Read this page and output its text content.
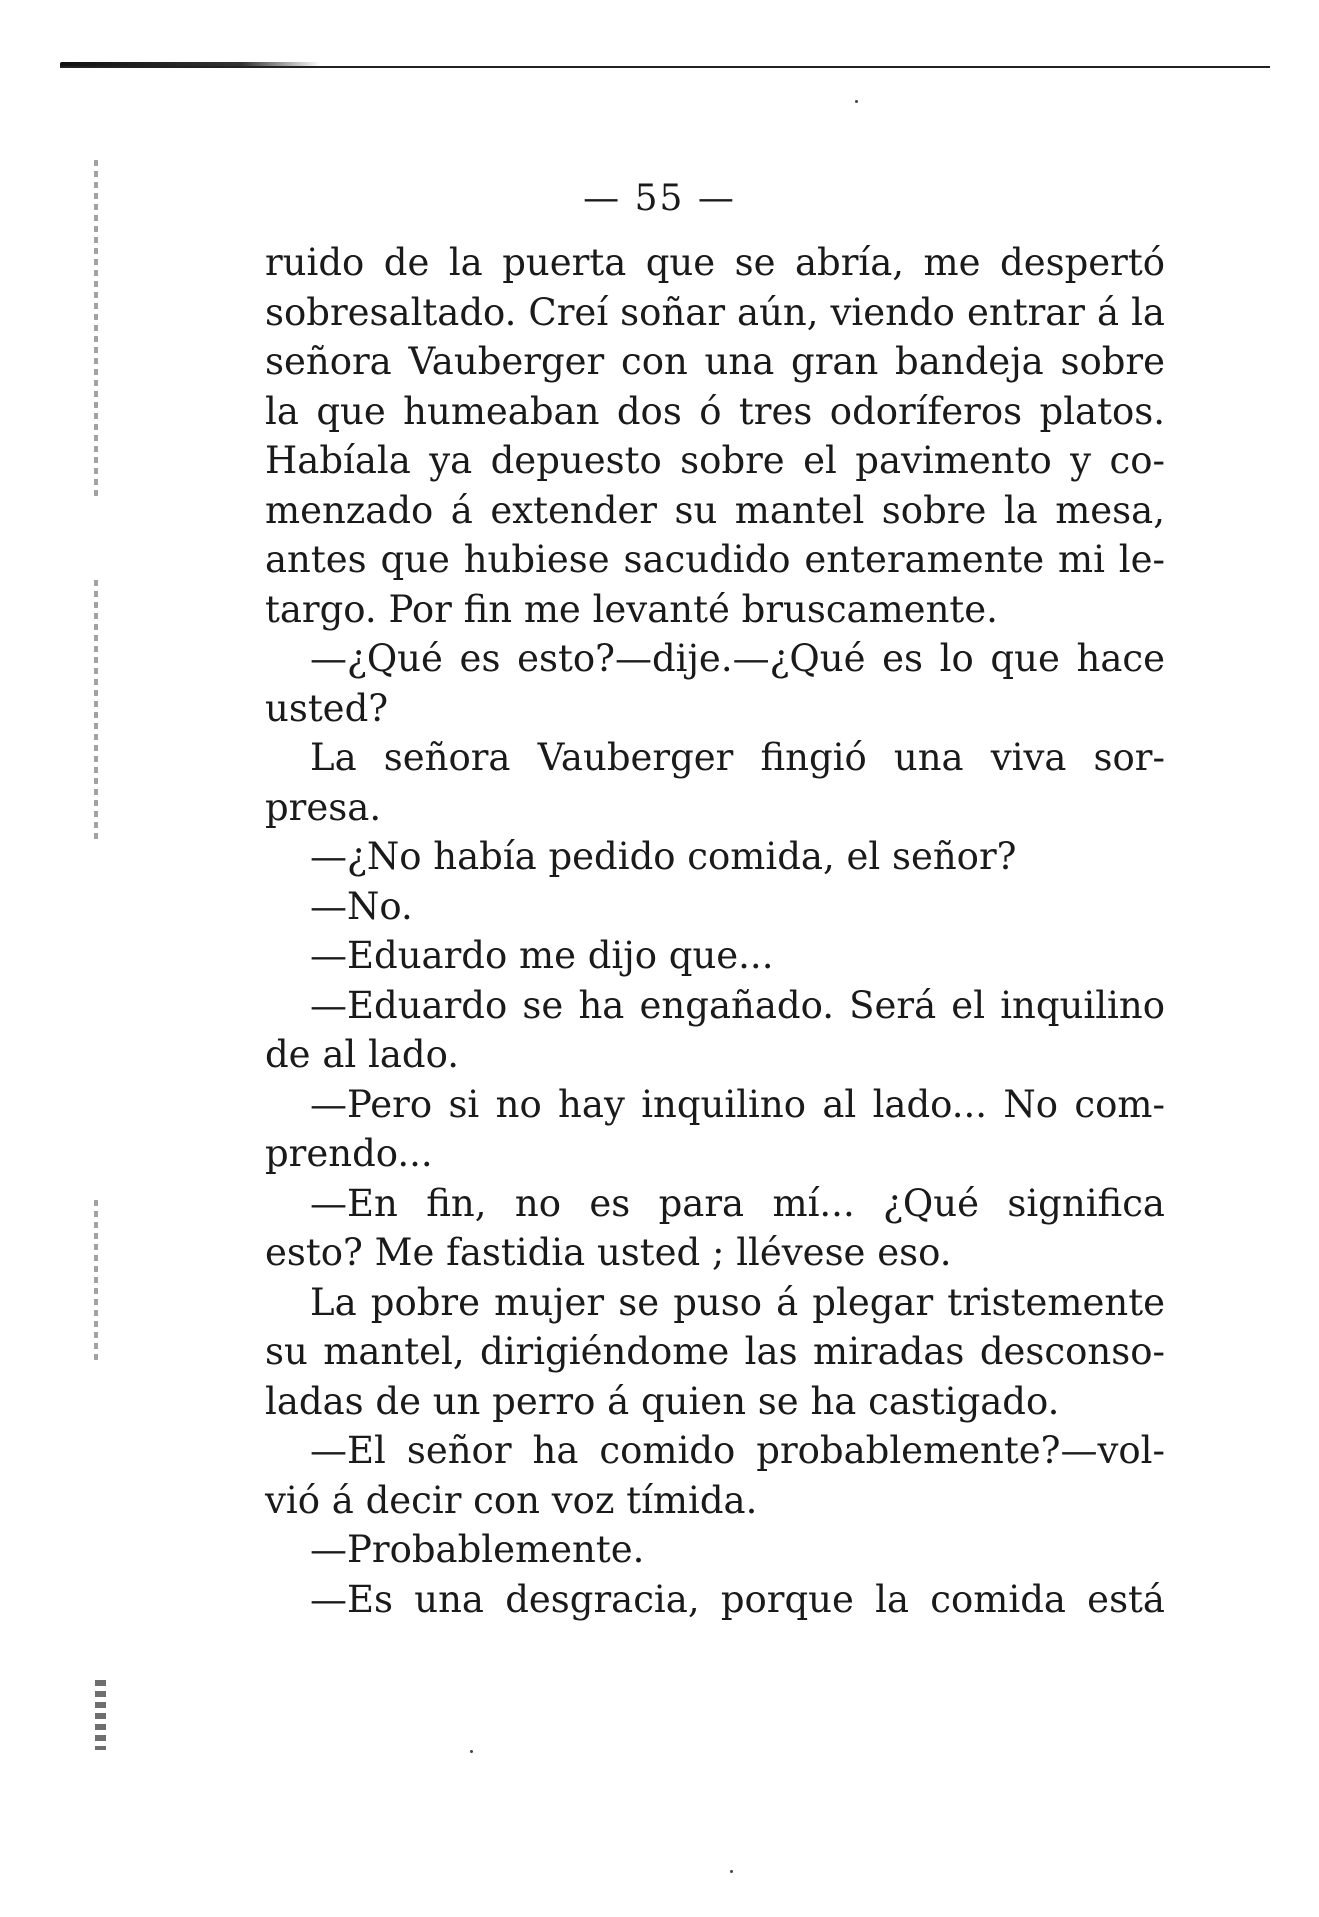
— 55 —
ruido de la puerta que se abría, me despertó
sobresaltado. Creí soñar aún, viendo entrar á la
señora Vauberger con una gran bandeja sobre
la que humeaban dos ó tres odoríferos platos.
Habíala ya depuesto sobre el pavimento y co-
menzado á extender su mantel sobre la mesa,
antes que hubiese sacudido enteramente mi le-
targo. Por fin me levanté bruscamente.
—¿Qué es esto?—dije.—¿Qué es lo que hace
usted?
La señora Vauberger fingió una viva sor-
presa.
—¿No había pedido comida, el señor?
—No.
—Eduardo me dijo que...
—Eduardo se ha engañado. Será el inquilino
de al lado.
—Pero si no hay inquilino al lado... No com-
prendo...
—En fin, no es para mí... ¿Qué significa
esto? Me fastidia usted ; llévese eso.
La pobre mujer se puso á plegar tristemente
su mantel, dirigiéndome las miradas desconso-
ladas de un perro á quien se ha castigado.
—El señor ha comido probablemente?—vol-
vió á decir con voz tímida.
—Probablemente.
—Es una desgracia, porque la comida está
